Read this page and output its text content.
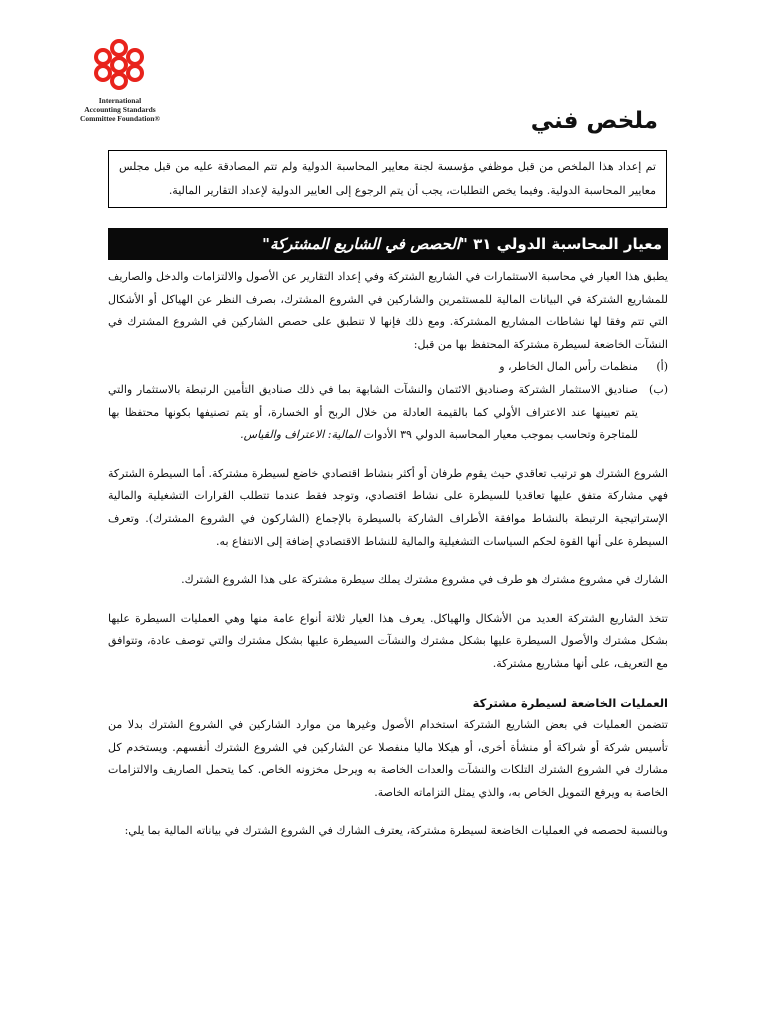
International
Accounting Standards
Committee Foundation®	ملخص فني
تم إعداد هذا الملخص من قبل موظفي مؤسسة لجنة معايير المحاسبة الدولية ولم تتم المصادقة عليه من قبل مجلس معايير المحاسبة الدولية. وفيما يخص التطلبات، يجب أن يتم الرجوع إلى العايير الدولية لإعداد التقارير المالية.
معيار المحاسبة الدولي ٣١ "الحصص في الشاريع المشتركة"

يطبق هذا العيار في محاسبة الاستثمارات في الشاريع الشتركة وفي إعداد التقارير عن الأصول والالتزامات والدخل والصاريف للمشاريع الشتركة في البيانات المالية للمستثمرين والشاركين في الشروع المشترك، بصرف النظر عن الهياكل أو الأشكال التي تتم وفقا لها نشاطات المشاريع المشتركة. ومع ذلك فإنها لا تنطبق على حصص الشاركين في الشروع المشترك في النشآت الخاضعة لسيطرة مشتركة المحتفظ بها من قبل:

(أ)
منظمات رأس المال الخاطر، و
(ب)
صناديق الاستثمار الشتركة وصناديق الائتمان والنشآت الشابهة بما في ذلك صناديق التأمين الرتبطة بالاستثمار والتي يتم تعيينها عند الاعتراف الأولي كما بالقيمة العادلة من خلال الربح أو الخسارة، أو يتم تصنيفها بكونها محتفظا بها للمتاجرة وتحاسب بموجب معيار المحاسبة الدولي ٣٩ الأدوات المالية: الاعتراف والقياس.

الشروع الشترك هو ترتيب تعاقدي حيث يقوم طرفان أو أكثر بنشاط اقتصادي خاضع لسيطرة مشتركة. أما السيطرة الشتركة فهي مشاركة متفق عليها تعاقديا للسيطرة على نشاط اقتصادي، وتوجد فقط عندما تتطلب القرارات التشغيلية والمالية الإستراتيجية الرتبطة بالنشاط موافقة الأطراف الشاركة بالسيطرة بالإجماع (الشاركون في الشروع المشترك). وتعرف السيطرة على أنها القوة لحكم السياسات التشغيلية والمالية للنشاط الاقتصادي إضافة إلى الانتفاع به.

الشارك في مشروع مشترك هو طرف في مشروع مشترك يملك سيطرة مشتركة على هذا الشروع الشترك.

تتخذ الشاريع الشتركة العديد من الأشكال والهياكل. يعرف هذا العيار ثلاثة أنواع عامة منها وهي العمليات السيطرة عليها بشكل مشترك والأصول السيطرة عليها بشكل مشترك والنشآت السيطرة عليها بشكل مشترك والتي توصف عادة، وتتوافق مع التعريف، على أنها مشاريع مشتركة.

العمليات الخاضعة لسيطرة مشتركة

تتضمن العمليات في بعض الشاريع الشتركة استخدام الأصول وغيرها من موارد الشاركين في الشروع الشترك بدلا من تأسيس شركة أو شراكة أو منشأة أخرى، أو هيكلا ماليا منفصلا عن الشاركين في الشروع الشترك أنفسهم. ويستخدم كل مشارك في الشروع الشترك التلكات والنشآت والعدات الخاصة به ويرحل مخزونه الخاص. كما يتحمل الصاريف والالتزامات الخاصة به ويرفع التمويل الخاص به، والذي يمثل التزاماته الخاصة.

وبالنسبة لحصصه في العمليات الخاضعة لسيطرة مشتركة، يعترف الشارك في الشروع الشترك في بياناته المالية بما يلي:
